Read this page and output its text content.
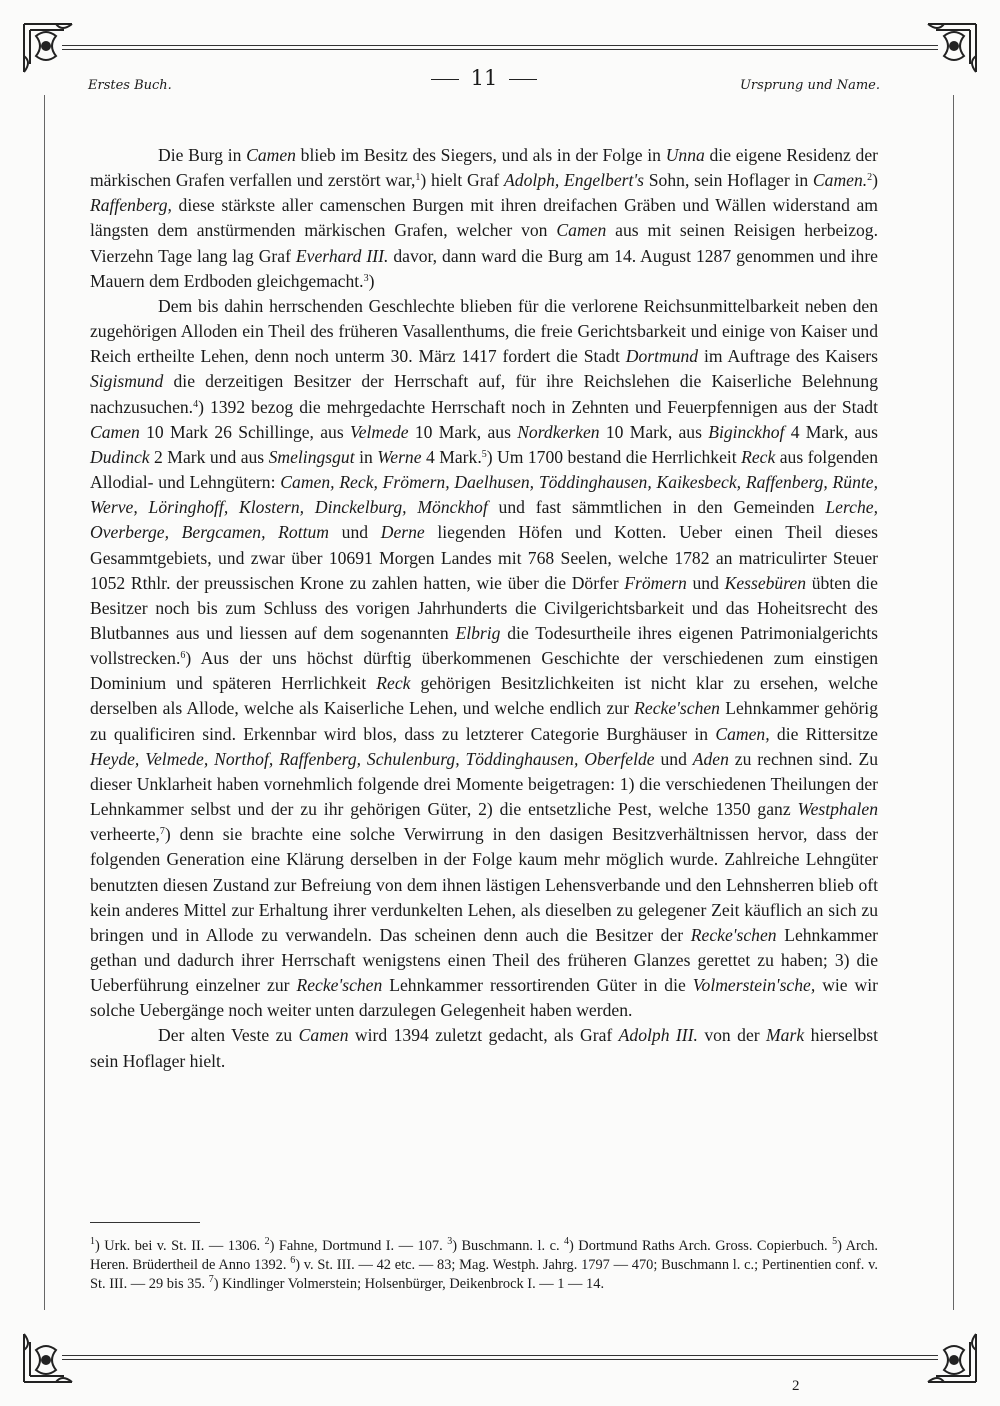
Erstes Buch.	11	Ursprung und Name.

Die Burg in Camen blieb im Besitz des Siegers, und als in der Folge in Unna die eigene Residenz der märkischen Grafen verfallen und zerstört war,$^1$) hielt Graf Adolph, Engelbert's Sohn, sein Hoflager in Camen.$^2$) Raffenberg, diese stärkste aller camenschen Burgen mit ihren dreifachen Gräben und Wällen widerstand am längsten dem anstürmenden märkischen Grafen, welcher von Camen aus mit seinen Reisigen herbeizog. Vierzehn Tage lang lag Graf Everhard III. davor, dann ward die Burg am 14. August 1287 genommen und ihre Mauern dem Erdboden gleichgemacht.$^3$)

Dem bis dahin herrschenden Geschlechte blieben für die verlorene Reichsunmittelbarkeit neben den zugehörigen Alloden ein Theil des früheren Vasallenthums, die freie Gerichtsbarkeit und einige von Kaiser und Reich ertheilte Lehen, denn noch unterm 30. März 1417 fordert die Stadt Dortmund im Auftrage des Kaisers Sigismund die derzeitigen Besitzer der Herrschaft auf, für ihre Reichslehen die Kaiserliche Belehnung nachzusuchen.$^4$) 1392 bezog die mehrgedachte Herrschaft noch in Zehnten und Feuerpfennigen aus der Stadt Camen 10 Mark 26 Schillinge, aus Velmede 10 Mark, aus Nordkerken 10 Mark, aus Biginckhof 4 Mark, aus Dudinck 2 Mark und aus Smelingsgut in Werne 4 Mark.$^5$) Um 1700 bestand die Herrlichkeit Reck aus folgenden Allodial- und Lehngütern: Camen, Reck, Frömern, Daelhusen, Töddinghausen, Kaikesbeck, Raffenberg, Rünte, Werve, Löringhoff, Klostern, Dinckelburg, Mönckhof und fast sämmtlichen in den Gemeinden Lerche, Overberge, Bergcamen, Rottum und Derne liegenden Höfen und Kotten. Ueber einen Theil dieses Gesammtgebiets, und zwar über 10691 Morgen Landes mit 768 Seelen, welche 1782 an matriculirter Steuer 1052 Rthlr. der preussischen Krone zu zahlen hatten, wie über die Dörfer Frömern und Kessebüren übten die Besitzer noch bis zum Schluss des vorigen Jahrhunderts die Civilgerichtsbarkeit und das Hoheitsrecht des Blutbannes aus und liessen auf dem sogenannten Elbrig die Todesurtheile ihres eigenen Patrimonialgerichts vollstrecken.$^6$) Aus der uns höchst dürftig überkommenen Geschichte der verschiedenen zum einstigen Dominium und späteren Herrlichkeit Reck gehörigen Besitzlichkeiten ist nicht klar zu ersehen, welche derselben als Allode, welche als Kaiserliche Lehen, und welche endlich zur Recke'schen Lehnkammer gehörig zu qualificiren sind. Erkennbar wird blos, dass zu letzterer Categorie Burghäuser in Camen, die Rittersitze Heyde, Velmede, Northof, Raffenberg, Schulenburg, Töddinghausen, Oberfelde und Aden zu rechnen sind. Zu dieser Unklarheit haben vornehmlich folgende drei Momente beigetragen: 1) die verschiedenen Theilungen der Lehnkammer selbst und der zu ihr gehörigen Güter, 2) die entsetzliche Pest, welche 1350 ganz Westphalen verheerte,$^7$) denn sie brachte eine solche Verwirrung in den dasigen Besitzverhältnissen hervor, dass der folgenden Generation eine Klärung derselben in der Folge kaum mehr möglich wurde. Zahlreiche Lehngüter benutzten diesen Zustand zur Befreiung von dem ihnen lästigen Lehensverbande und den Lehnsherren blieb oft kein anderes Mittel zur Erhaltung ihrer verdunkelten Lehen, als dieselben zu gelegener Zeit käuflich an sich zu bringen und in Allode zu verwandeln. Das scheinen denn auch die Besitzer der Recke'schen Lehnkammer gethan und dadurch ihrer Herrschaft wenigstens einen Theil des früheren Glanzes gerettet zu haben; 3) die Ueberführung einzelner zur Recke'schen Lehnkammer ressortirenden Güter in die Volmerstein'sche, wie wir solche Uebergänge noch weiter unten darzulegen Gelegenheit haben werden.

Der alten Veste zu Camen wird 1394 zuletzt gedacht, als Graf Adolph III. von der Mark hierselbst sein Hoflager hielt.

$^1$) Urk. bei v. St. II. — 1306. $^2$) Fahne, Dortmund I. — 107. $^3$) Buschmann. l. c. $^4$) Dortmund Raths Arch. Gross. Copierbuch. $^5$) Arch. Heren. Brüdertheil de Anno 1392. $^6$) v. St. III. — 42 etc. — 83; Mag. Westph. Jahrg. 1797 — 470; Buschmann l. c.; Pertinentien conf. v. St. III. — 29 bis 35. $^7$) Kindlinger Volmerstein; Holsenbürger, Deikenbrock I. — 1 — 14.
2
